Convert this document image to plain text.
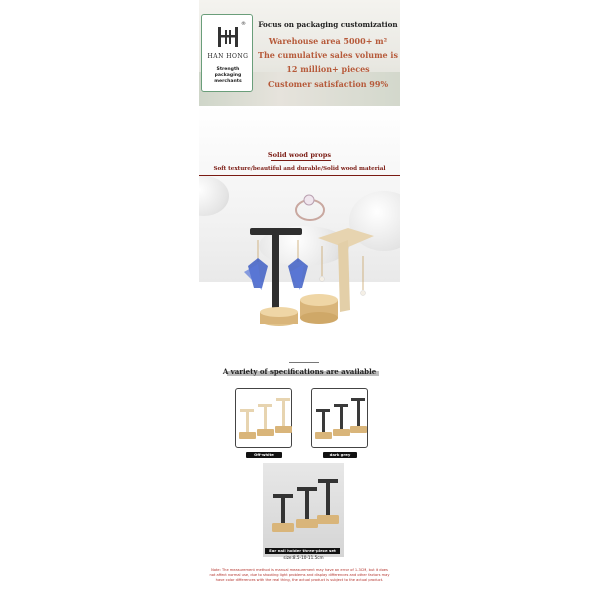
®
HAN HONG
Strength packaging merchants
Focus on packaging customization
Warehouse area 5000+ m²
The cumulative sales volume is
12 million+ pieces
Customer satisfaction 99%
Solid wood props
Soft texture/beautiful and durable/Solid wood material
A variety of specifications are available
Off-white	dark grey
Ear nail holder three-piece set
size:8.5-10-11.5cm
Note: The measurement method is manual measurement may have an error of 1-3CM, but it does not affect normal use, due to shooting light problems and display differences and other factors may have color differences with the real thing, the actual product is subject to the actual product.
